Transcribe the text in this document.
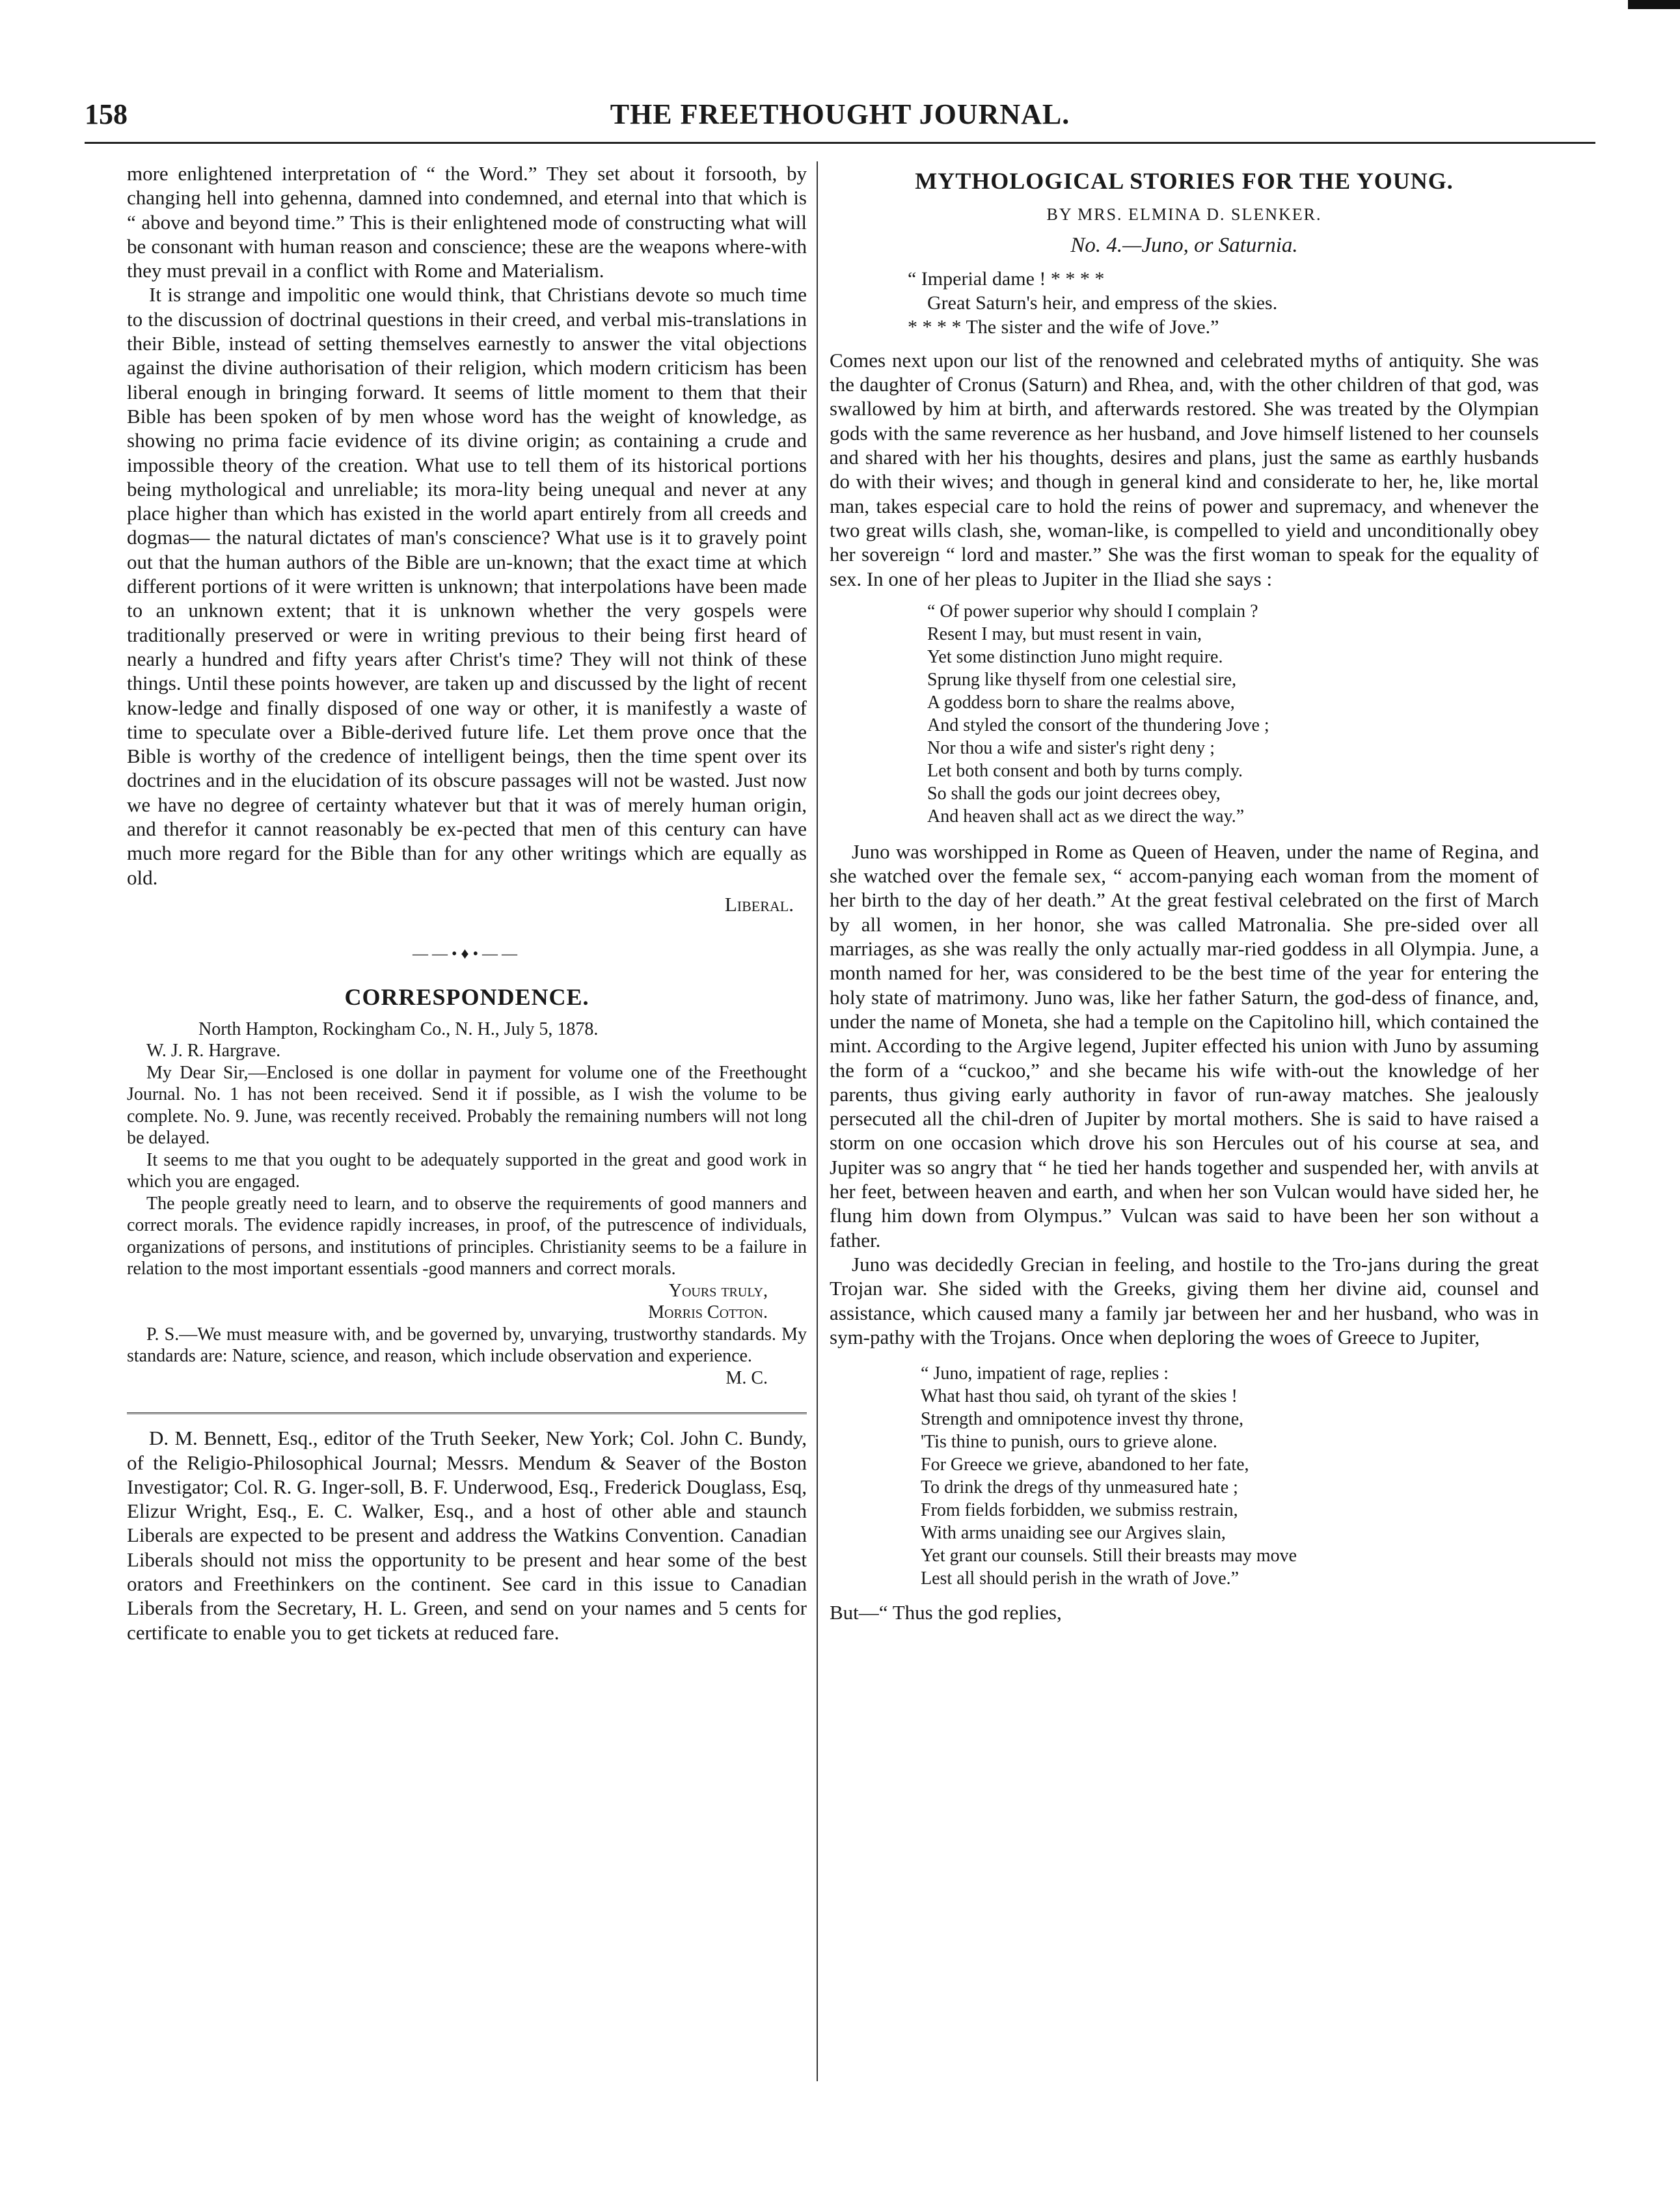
158	THE FREETHOUGHT JOURNAL.

more enlightened interpretation of “ the Word.” They set about it forsooth, by changing hell into gehenna, damned into condemned, and eternal into that which is “ above and beyond time.” This is their enlightened mode of constructing what will be consonant with human reason and conscience; these are the weapons where-with they must prevail in a conflict with Rome and Materialism.

It is strange and impolitic one would think, that Christians devote so much time to the discussion of doctrinal questions in their creed, and verbal mis-translations in their Bible, instead of setting themselves earnestly to answer the vital objections against the divine authorisation of their religion, which modern criticism has been liberal enough in bringing forward. It seems of little moment to them that their Bible has been spoken of by men whose word has the weight of knowledge, as showing no prima facie evidence of its divine origin; as containing a crude and impossible theory of the creation. What use to tell them of its historical portions being mythological and unreliable; its mora-lity being unequal and never at any place higher than which has existed in the world apart entirely from all creeds and dogmas— the natural dictates of man's conscience? What use is it to gravely point out that the human authors of the Bible are un-known; that the exact time at which different portions of it were written is unknown; that interpolations have been made to an unknown extent; that it is unknown whether the very gospels were traditionally preserved or were in writing previous to their being first heard of nearly a hundred and fifty years after Christ's time? They will not think of these things. Until these points however, are taken up and discussed by the light of recent know-ledge and finally disposed of one way or other, it is manifestly a waste of time to speculate over a Bible-derived future life. Let them prove once that the Bible is worthy of the credence of intelligent beings, then the time spent over its doctrines and in the elucidation of its obscure passages will not be wasted. Just now we have no degree of certainty whatever but that it was of merely human origin, and therefor it cannot reasonably be ex-pected that men of this century can have much more regard for the Bible than for any other writings which are equally as old.

Liberal.
——•♦•——
CORRESPONDENCE.

North Hampton, Rockingham Co., N. H., July 5, 1878.

W. J. R. Hargrave.

My Dear Sir,—Enclosed is one dollar in payment for volume one of the Freethought Journal. No. 1 has not been received. Send it if possible, as I wish the volume to be complete. No. 9. June, was recently received. Probably the remaining numbers will not long be delayed.

It seems to me that you ought to be adequately supported in the great and good work in which you are engaged.

The people greatly need to learn, and to observe the requirements of good manners and correct morals. The evidence rapidly increases, in proof, of the putrescence of individuals, organizations of persons, and institutions of principles. Christianity seems to be a failure in relation to the most important essentials -good manners and correct morals.

Yours truly,
Morris Cotton.

P. S.—We must measure with, and be governed by, unvarying, trustworthy standards. My standards are: Nature, science, and reason, which include observation and experience.

M. C.

D. M. Bennett, Esq., editor of the Truth Seeker, New York; Col. John C. Bundy, of the Religio-Philosophical Journal; Messrs. Mendum & Seaver of the Boston Investigator; Col. R. G. Inger-soll, B. F. Underwood, Esq., Frederick Douglass, Esq, Elizur Wright, Esq., E. C. Walker, Esq., and a host of other able and staunch Liberals are expected to be present and address the Watkins Convention. Canadian Liberals should not miss the opportunity to be present and hear some of the best orators and Freethinkers on the continent. See card in this issue to Canadian Liberals from the Secretary, H. L. Green, and send on your names and 5 cents for certificate to enable you to get tickets at reduced fare.

MYTHOLOGICAL STORIES FOR THE YOUNG.
BY MRS. ELMINA D. SLENKER.
No. 4.—Juno, or Saturnia.
“ Imperial dame ! * * * *
Great Saturn's heir, and empress of the skies.
* * * * The sister and the wife of Jove.”

Comes next upon our list of the renowned and celebrated myths of antiquity. She was the daughter of Cronus (Saturn) and Rhea, and, with the other children of that god, was swallowed by him at birth, and afterwards restored. She was treated by the Olympian gods with the same reverence as her husband, and Jove himself listened to her counsels and shared with her his thoughts, desires and plans, just the same as earthly husbands do with their wives; and though in general kind and considerate to her, he, like mortal man, takes especial care to hold the reins of power and supremacy, and whenever the two great wills clash, she, woman-like, is compelled to yield and unconditionally obey her sovereign “ lord and master.” She was the first woman to speak for the equality of sex. In one of her pleas to Jupiter in the Iliad she says :

“ Of power superior why should I complain ?
Resent I may, but must resent in vain,
Yet some distinction Juno might require.
Sprung like thyself from one celestial sire,
A goddess born to share the realms above,
And styled the consort of the thundering Jove ;
Nor thou a wife and sister's right deny ;
Let both consent and both by turns comply.
So shall the gods our joint decrees obey,
And heaven shall act as we direct the way.”

Juno was worshipped in Rome as Queen of Heaven, under the name of Regina, and she watched over the female sex, “ accom-panying each woman from the moment of her birth to the day of her death.” At the great festival celebrated on the first of March by all women, in her honor, she was called Matronalia. She pre-sided over all marriages, as she was really the only actually mar-ried goddess in all Olympia. June, a month named for her, was considered to be the best time of the year for entering the holy state of matrimony. Juno was, like her father Saturn, the god-dess of finance, and, under the name of Moneta, she had a temple on the Capitolino hill, which contained the mint. According to the Argive legend, Jupiter effected his union with Juno by assuming the form of a “cuckoo,” and she became his wife with-out the knowledge of her parents, thus giving early authority in favor of run-away matches. She jealously persecuted all the chil-dren of Jupiter by mortal mothers. She is said to have raised a storm on one occasion which drove his son Hercules out of his course at sea, and Jupiter was so angry that “ he tied her hands together and suspended her, with anvils at her feet, between heaven and earth, and when her son Vulcan would have sided her, he flung him down from Olympus.” Vulcan was said to have been her son without a father.

Juno was decidedly Grecian in feeling, and hostile to the Tro-jans during the great Trojan war. She sided with the Greeks, giving them her divine aid, counsel and assistance, which caused many a family jar between her and her husband, who was in sym-pathy with the Trojans. Once when deploring the woes of Greece to Jupiter,

“ Juno, impatient of rage, replies :
What hast thou said, oh tyrant of the skies !
Strength and omnipotence invest thy throne,
'Tis thine to punish, ours to grieve alone.
For Greece we grieve, abandoned to her fate,
To drink the dregs of thy unmeasured hate ;
From fields forbidden, we submiss restrain,
With arms unaiding see our Argives slain,
Yet grant our counsels. Still their breasts may move
Lest all should perish in the wrath of Jove.”

But—“ Thus the god replies,
